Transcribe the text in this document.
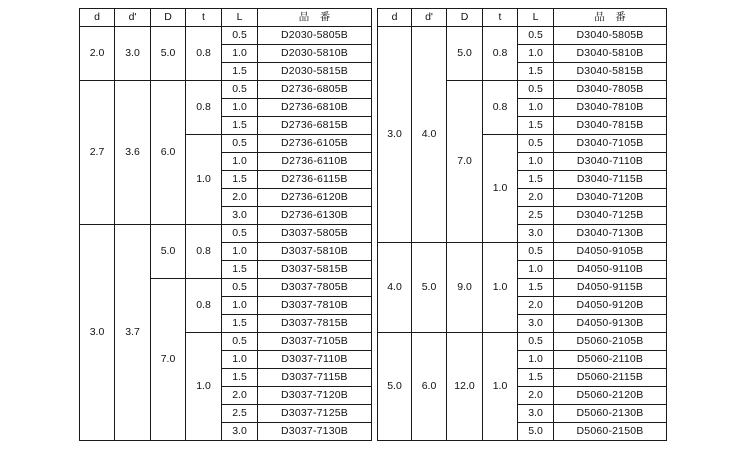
d	d'	D	t	L	品　番
2.0	3.0	5.0	0.8	0.5	D2030-5805B
				1.0	D2030-5810B
				1.5	D2030-5815B
2.7	3.6	6.0	0.8	0.5	D2736-6805B
				1.0	D2736-6810B
				1.5	D2736-6815B
			1.0	0.5	D2736-6105B
				1.0	D2736-6110B
				1.5	D2736-6115B
				2.0	D2736-6120B
				3.0	D2736-6130B
3.0	3.7	5.0	0.8	0.5	D3037-5805B
				1.0	D3037-5810B
				1.5	D3037-5815B
		7.0	0.8	0.5	D3037-7805B
				1.0	D3037-7810B
				1.5	D3037-7815B
			1.0	0.5	D3037-7105B
				1.0	D3037-7110B
				1.5	D3037-7115B
				2.0	D3037-7120B
				2.5	D3037-7125B
				3.0	D3037-7130B
d	d'	D	t	L	品　番
3.0	4.0	5.0	0.8	0.5	D3040-5805B
				1.0	D3040-5810B
				1.5	D3040-5815B
		7.0	0.8	0.5	D3040-7805B
				1.0	D3040-7810B
				1.5	D3040-7815B
			1.0	0.5	D3040-7105B
				1.0	D3040-7110B
				1.5	D3040-7115B
				2.0	D3040-7120B
				2.5	D3040-7125B
				3.0	D3040-7130B
4.0	5.0	9.0	1.0	0.5	D4050-9105B
				1.0	D4050-9110B
				1.5	D4050-9115B
				2.0	D4050-9120B
				3.0	D4050-9130B
5.0	6.0	12.0	1.0	0.5	D5060-2105B
				1.0	D5060-2110B
				1.5	D5060-2115B
				2.0	D5060-2120B
				3.0	D5060-2130B
				5.0	D5060-2150B
